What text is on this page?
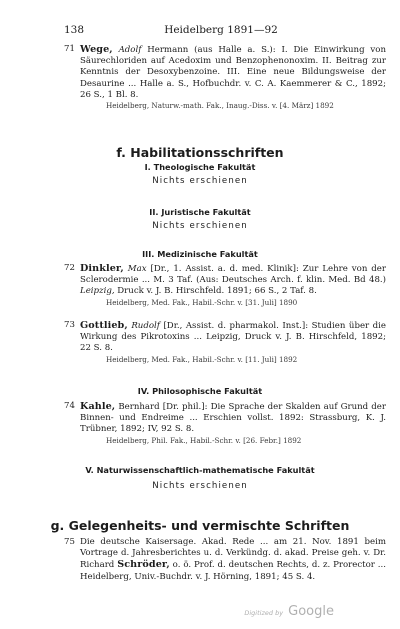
138	Heidelberg 1891—92
71 Wege, Adolf Hermann (aus Halle a. S.): I. Die Einwirkung von Säurechloriden auf Acedoxim und Benzophenonoxim. II. Beitrag zur Kenntnis der Desoxybenzoine. III. Eine neue Bildungsweise der Desaurine ... Halle a. S., Hofbuchdr. v. C. A. Kaemmerer & C., 1892; 26 S., 1 Bl. 8.
Heidelberg, Naturw.-math. Fak., Inaug.-Diss. v. [4. März] 1892
f. Habilitationsschriften
I. Theologische Fakultät
Nichts erschienen
II. Juristische Fakultät
Nichts erschienen
III. Medizinische Fakultät
72 Dinkler, Max [Dr., 1. Assist. a. d. med. Klinik]: Zur Lehre von der Sclerodermie ... M. 3 Taf. (Aus: Deutsches Arch. f. klin. Med. Bd 48.) Leipzig, Druck v. J. B. Hirschfeld. 1891; 66 S., 2 Taf. 8.
Heidelberg, Med. Fak., Habil.-Schr. v. [31. Juli] 1890
73 Gottlieb, Rudolf [Dr., Assist. d. pharmakol. Inst.]: Studien über die Wirkung des Pikrotoxins ... Leipzig, Druck v. J. B. Hirschfeld, 1892; 22 S. 8.
Heidelberg, Med. Fak., Habil.-Schr. v. [11. Juli] 1892
IV. Philosophische Fakultät
74 Kahle, Bernhard [Dr. phil.]: Die Sprache der Skalden auf Grund der Binnen- und Endreime ... Erschien vollst. 1892: Strassburg, K. J. Trübner, 1892; IV, 92 S. 8.
Heidelberg, Phil. Fak., Habil.-Schr. v. [26. Febr.] 1892
V. Naturwissenschaftlich-mathematische Fakultät
Nichts erschienen
g. Gelegenheits- und vermischte Schriften
75 Die deutsche Kaisersage. Akad. Rede ... am 21. Nov. 1891 beim Vortrage d. Jahresberichtes u. d. Verkündg. d. akad. Preise geh. v. Dr. Richard Schröder, o. ö. Prof. d. deutschen Rechts, d. z. Prorector ... Heidelberg, Univ.-Buchdr. v. J. Hörning, 1891; 45 S. 4.
Digitized by Google
